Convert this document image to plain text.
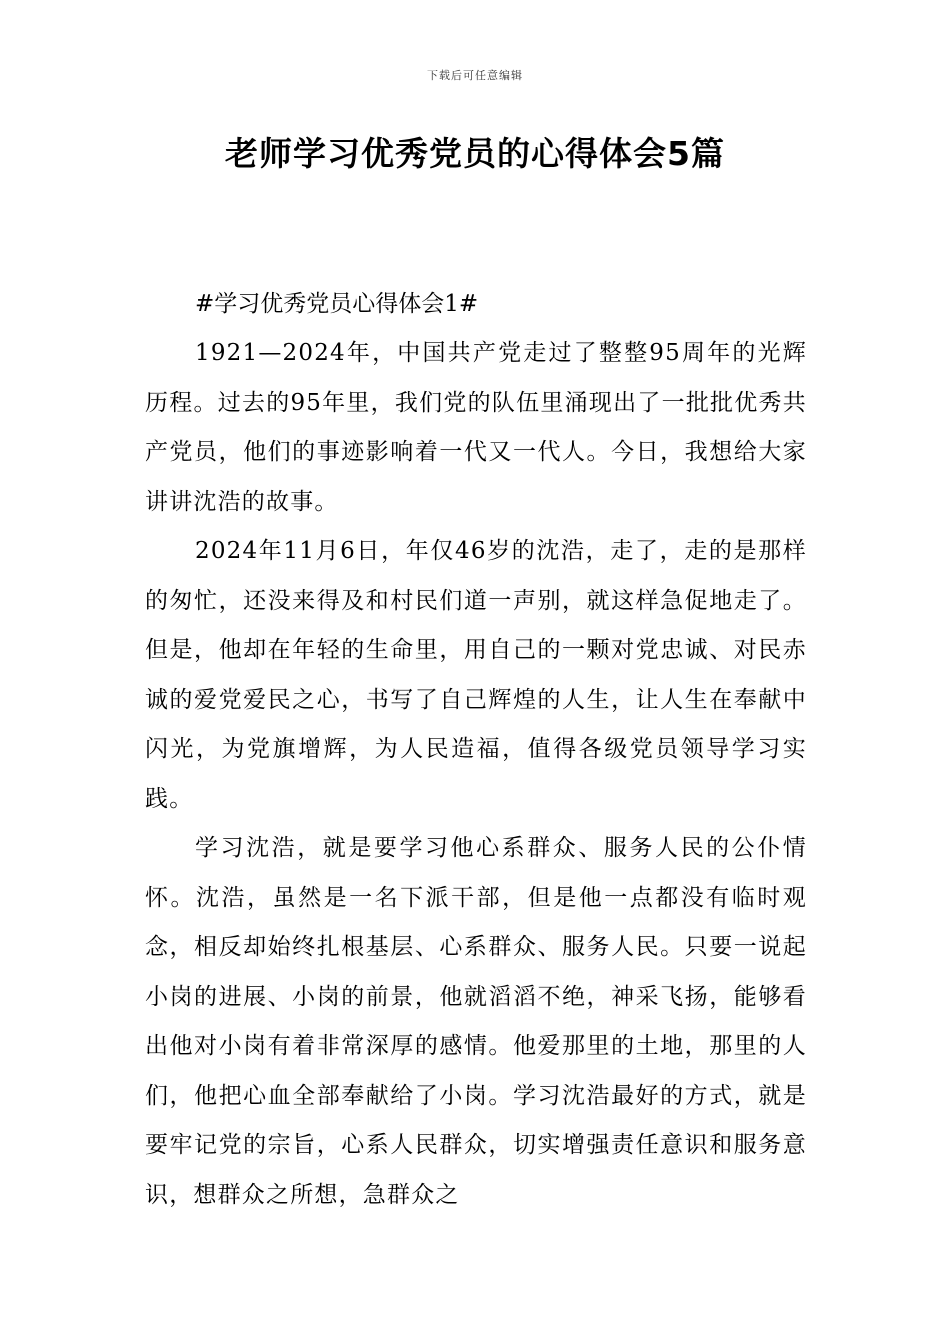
下载后可任意编辑
老师学习优秀党员的心得体会5篇

#学习优秀党员心得体会1#

1921—2024年，中国共产党走过了整整95周年的光辉历程。过去的95年里，我们党的队伍里涌现出了一批批优秀共产党员，他们的事迹影响着一代又一代人。今日，我想给大家讲讲沈浩的故事。

2024年11月6日，年仅46岁的沈浩，走了，走的是那样的匆忙，还没来得及和村民们道一声别，就这样急促地走了。但是，他却在年轻的生命里，用自己的一颗对党忠诚、对民赤诚的爱党爱民之心，书写了自己辉煌的人生，让人生在奉献中闪光，为党旗增辉，为人民造福，值得各级党员领导学习实践。

学习沈浩，就是要学习他心系群众、服务人民的公仆情怀。沈浩，虽然是一名下派干部，但是他一点都没有临时观念，相反却始终扎根基层、心系群众、服务人民。只要一说起小岗的进展、小岗的前景，他就滔滔不绝，神采飞扬，能够看出他对小岗有着非常深厚的感情。他爱那里的土地，那里的人们，他把心血全部奉献给了小岗。学习沈浩最好的方式，就是要牢记党的宗旨，心系人民群众，切实增强责任意识和服务意识，想群众之所想，急群众之
